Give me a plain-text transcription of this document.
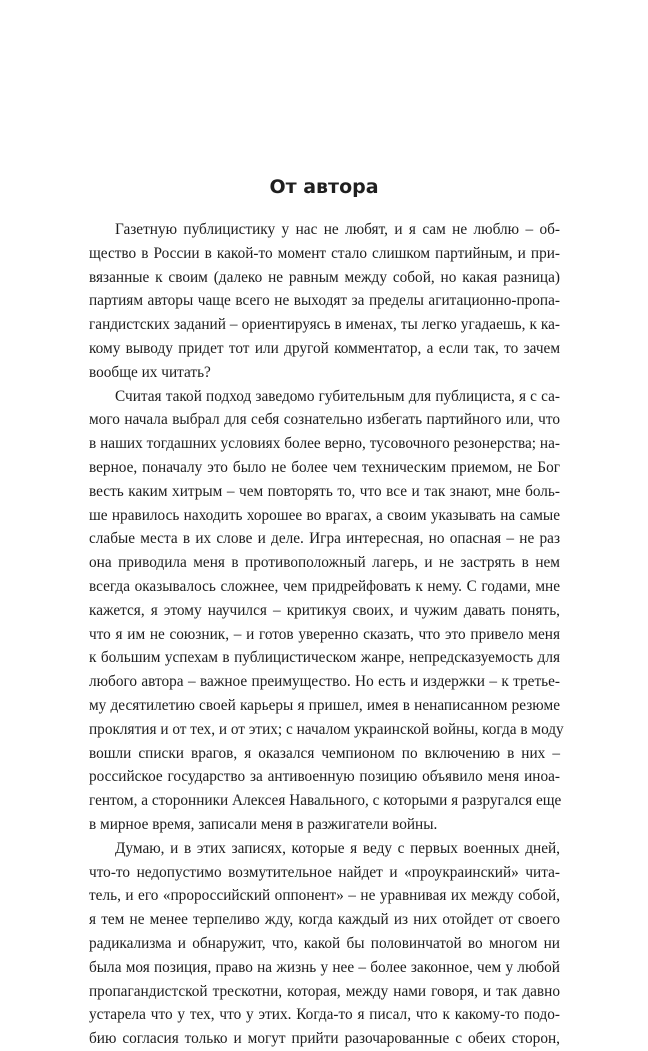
От автора
Газетную публицистику у нас не любят, и я сам не люблю – об-
щество в России в какой-то момент стало слишком партийным, и при-
вязанные к своим (далеко не равным между собой, но какая разница)
партиям авторы чаще всего не выходят за пределы агитационно-пропа-
гандистских заданий – ориентируясь в именах, ты легко угадаешь, к ка-
кому выводу придет тот или другой комментатор, а если так, то зачем
вообще их читать?
Считая такой подход заведомо губительным для публициста, я с са-
мого начала выбрал для себя сознательно избегать партийного или, что
в наших тогдашних условиях более верно, тусовочного резонерства; на-
верное, поначалу это было не более чем техническим приемом, не Бог
весть каким хитрым – чем повторять то, что все и так знают, мне боль-
ше нравилось находить хорошее во врагах, а своим указывать на самые
слабые места в их слове и деле. Игра интересная, но опасная – не раз
она приводила меня в противоположный лагерь, и не застрять в нем
всегда оказывалось сложнее, чем придрейфовать к нему. С годами, мне
кажется, я этому научился – критикуя своих, и чужим давать понять,
что я им не союзник, – и готов уверенно сказать, что это привело меня
к большим успехам в публицистическом жанре, непредсказуемость для
любого автора – важное преимущество. Но есть и издержки – к третье-
му десятилетию своей карьеры я пришел, имея в ненаписанном резюме
проклятия и от тех, и от этих; с началом украинской войны, когда в моду
вошли списки врагов, я оказался чемпионом по включению в них –
российское государство за антивоенную позицию объявило меня иноа-
гентом, а сторонники Алексея Навального, с которыми я разругался еще
в мирное время, записали меня в разжигатели войны.
Думаю, и в этих записях, которые я веду с первых военных дней,
что-то недопустимо возмутительное найдет и «проукраинский» чита-
тель, и его «пророссийский оппонент» – не уравнивая их между собой,
я тем не менее терпеливо жду, когда каждый из них отойдет от своего
радикализма и обнаружит, что, какой бы половинчатой во многом ни
была моя позиция, право на жизнь у нее – более законное, чем у любой
пропагандистской трескотни, которая, между нами говоря, и так давно
устарела что у тех, что у этих. Когда-то я писал, что к какому-то подо-
бию согласия только и могут прийти разочарованные с обеих сторон,
